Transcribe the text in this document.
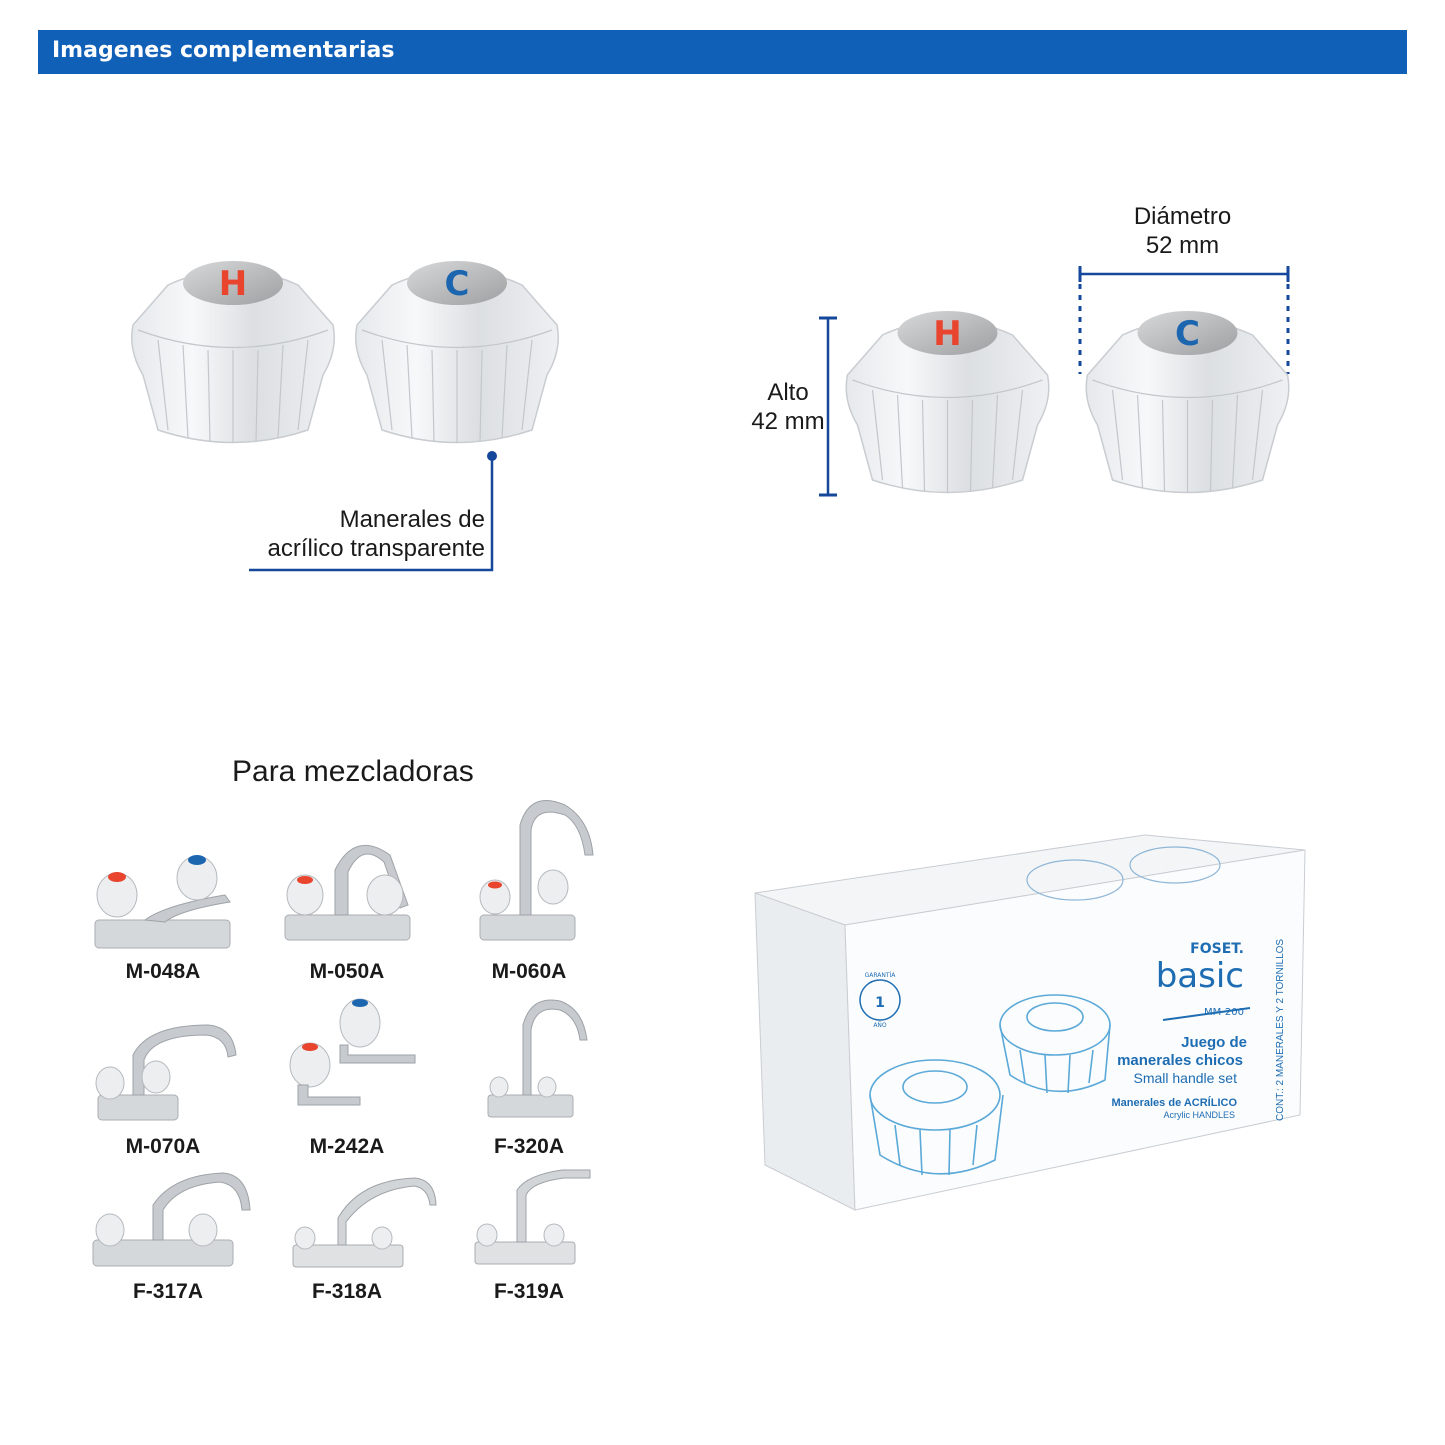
Imagenes complementarias
H	C
Manerales de
acrílico transparente
Diámetro
52 mm
Alto
42 mm
H	C
Para mezcladoras
M-048A	M-050A	M-060A
M-070A	M-242A	F-320A
F-317A	F-318A	F-319A
1
GARANTÍA
AÑO
FOSET.
basic
MM-200
Juego de
manerales chicos
Small handle set
Manerales de ACRÍLICO
Acrylic HANDLES	CONT.: 2 MANERALES Y 2 TORNILLOS
